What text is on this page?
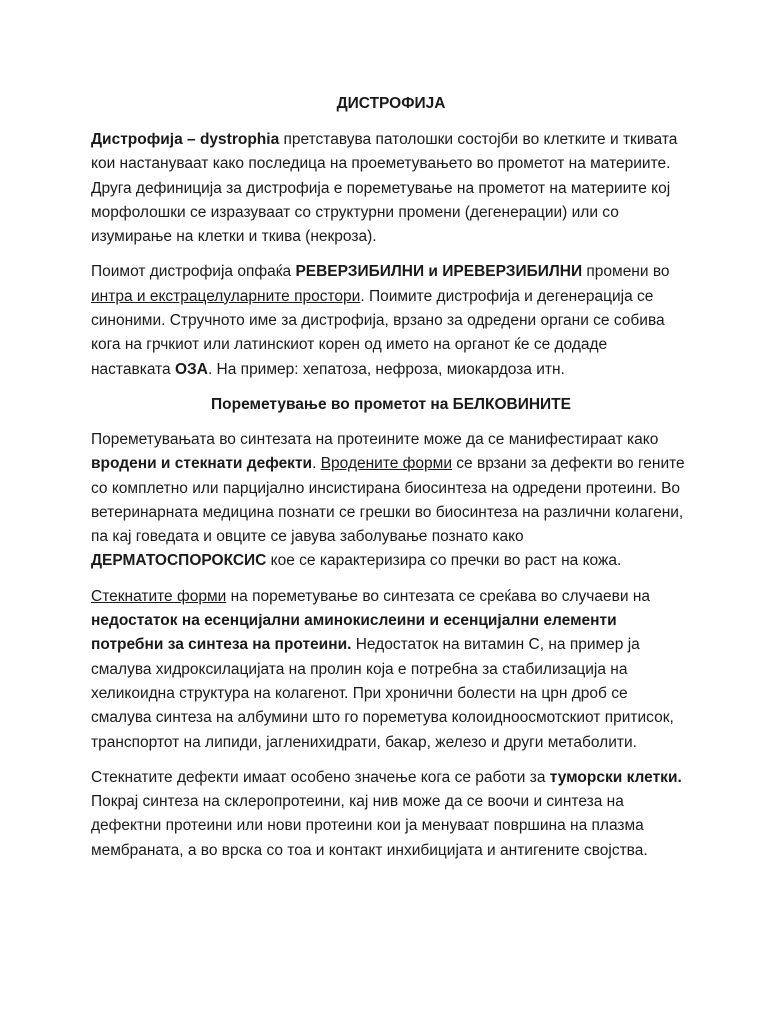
ДИСТРОФИЈА

Дистрофија – dystrophia претставува патолошки состојби во клетките и ткивата кои настануваат како последица на проеметувањето во прометот на материите. Друга дефиниција за дистрофија е пореметување на прометот на материите кој морфолошки се изразуваат со структурни промени (дегенерации) или со изумирање на клетки и ткива (некроза).

Поимот дистрофија опфаќа РЕВЕРЗИБИЛНИ и ИРЕВЕРЗИБИЛНИ промени во интра и екстрацелуларните простори. Поимите дистрофија и дегенерација се синоними. Стручното име за дистрофија, врзано за одредени органи се собива кога на грчкиот или латинскиот корен од името на органот ќе се додаде наставката ОЗА. На пример: хепатоза, нефроза, миокардоза итн.

Пореметување во прометот на БЕЛКОВИНИТЕ

Пореметувањата во синтезата на протеините може да се манифестираат како вродени и стекнати дефекти. Вродените форми се врзани за дефекти во гените со комплетно или парцијално инсистирана биосинтеза на одредени протеини. Во ветеринарната медицина познати се грешки во биосинтеза на различни колагени, па кај говедата и овците се јавува заболување познато како ДЕРМАТОСПОРОКСИС кое се карактеризира со пречки во раст на кожа.

Стекнатите форми на пореметување во синтезата се среќава во случаеви на недостаток на есенцијални аминокислеини и есенцијални елементи потребни за синтеза на протеини. Недостаток на витамин C, на пример ја смалува хидроксилацијата на пролин која е потребна за стабилизација на хеликоидна структура на колагенот. При хронични болести на црн дроб се смалува синтеза на албумини што го пореметува колоидноосмотскиот притисок, транспортот на липиди, јагленихидрати, бакар, железо и други метаболити.

Стекнатите дефекти имаат особено значење кога се работи за туморски клетки. Покрај синтеза на склеропротеини, кај нив може да се воочи и синтеза на дефектни протеини или нови протеини кои ја менуваат површина на плазма мембраната, а во врска со тоа и контакт инхибицијата и антигените својства.
